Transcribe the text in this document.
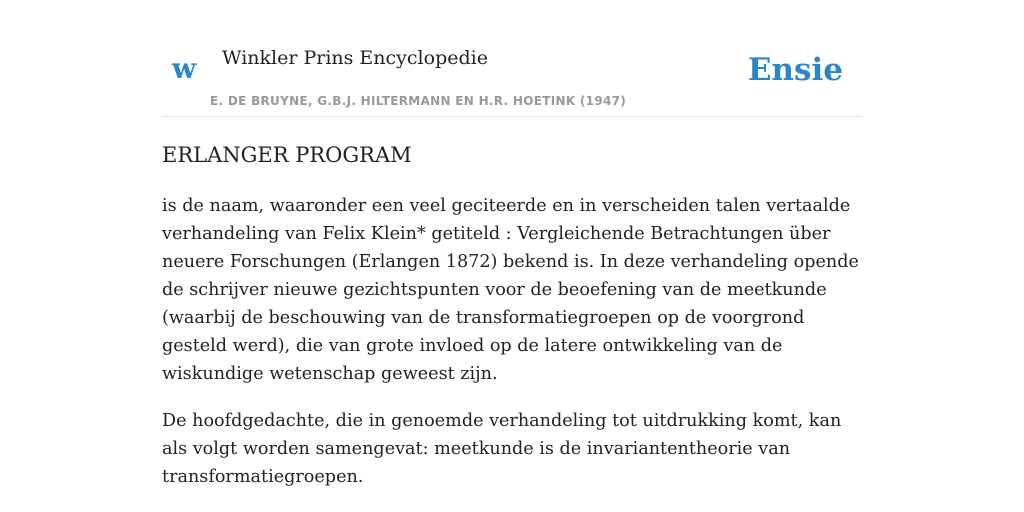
w Winkler Prins Encyclopedie	Ensie
E. DE BRUYNE, G.B.J. HILTERMANN EN H.R. HOETINK (1947)
ERLANGER PROGRAM

is de naam, waaronder een veel geciteerde en in verscheiden talen vertaalde verhandeling van Felix Klein* getiteld : Vergleichende Betrachtungen über neuere Forschungen (Erlangen 1872) bekend is. In deze verhandeling opende de schrijver nieuwe gezichtspunten voor de beoefening van de meetkunde (waarbij de beschouwing van de transformatiegroepen op de voorgrond gesteld werd), die van grote invloed op de latere ontwikkeling van de wiskundige wetenschap geweest zijn.

De hoofdgedachte, die in genoemde verhandeling tot uitdrukking komt, kan als volgt worden samengevat: meetkunde is de invariantentheorie van transformatiegroepen.
